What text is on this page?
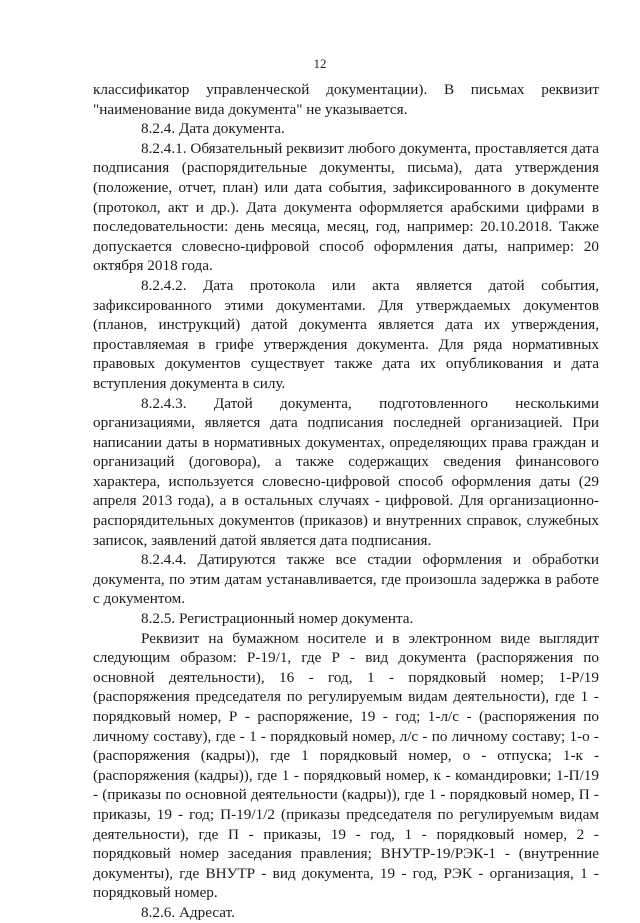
12

классификатор управленческой документации). В письмах реквизит "наименование вида документа" не указывается.

8.2.4. Дата документа.

8.2.4.1. Обязательный реквизит любого документа, проставляется дата подписания (распорядительные документы, письма), дата утверждения (положение, отчет, план) или дата события, зафиксированного в документе (протокол, акт и др.). Дата документа оформляется арабскими цифрами в последовательности: день месяца, месяц, год, например: 20.10.2018. Также допускается словесно-цифровой способ оформления даты, например: 20 октября 2018 года.

8.2.4.2. Дата протокола или акта является датой события, зафиксированного этими документами. Для утверждаемых документов (планов, инструкций) датой документа является дата их утверждения, проставляемая в грифе утверждения документа. Для ряда нормативных правовых документов существует также дата их опубликования и дата вступления документа в силу.

8.2.4.3. Датой документа, подготовленного несколькими организациями, является дата подписания последней организацией. При написании даты в нормативных документах, определяющих права граждан и организаций (договора), а также содержащих сведения финансового характера, используется словесно-цифровой способ оформления даты (29 апреля 2013 года), а в остальных случаях - цифровой. Для организационно-распорядительных документов (приказов) и внутренних справок, служебных записок, заявлений датой является дата подписания.

8.2.4.4. Датируются также все стадии оформления и обработки документа, по этим датам устанавливается, где произошла задержка в работе с документом.

8.2.5. Регистрационный номер документа.

Реквизит на бумажном носителе и в электронном виде выглядит следующим образом: Р-19/1, где Р - вид документа (распоряжения по основной деятельности), 16 - год, 1 - порядковый номер; 1-Р/19 (распоряжения председателя по регулируемым видам деятельности), где 1 - порядковый номер, Р - распоряжение, 19 - год; 1-л/с - (распоряжения по личному составу), где - 1 - порядковый номер, л/с - по личному составу; 1-о - (распоряжения (кадры)), где 1 порядковый номер, о - отпуска; 1-к - (распоряжения (кадры)), где 1 - порядковый номер, к - командировки; 1-П/19 - (приказы по основной деятельности (кадры)), где 1 - порядковый номер, П - приказы, 19 - год; П-19/1/2 (приказы председателя по регулируемым видам деятельности), где П - приказы, 19 - год, 1 - порядковый номер, 2 - порядковый номер заседания правления; ВНУТР-19/РЭК-1 - (внутренние документы), где ВНУТР - вид документа, 19 - год, РЭК - организация, 1 - порядковый номер.

8.2.6. Адресат.
